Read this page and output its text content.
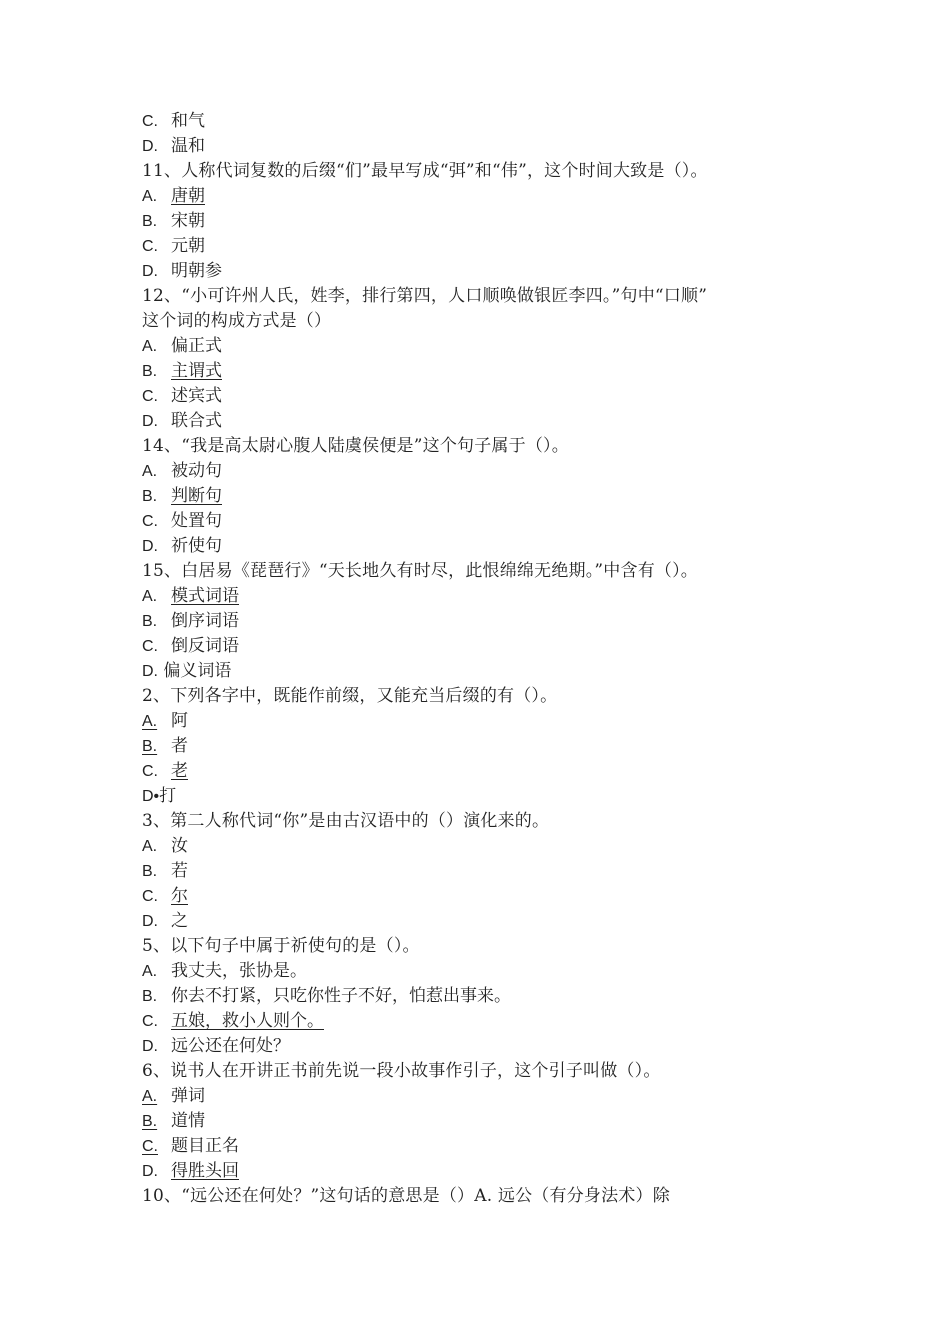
C. 和气
D. 温和
11、人称代词复数的后缀“们”最早写成“弭”和“伟”，这个时间大致是（）。
A. 唐朝
B. 宋朝
C. 元朝
D. 明朝参
12、“小可许州人氏，姓李，排行第四，人口顺唤做银匠李四。”句中“口顺”
这个词的构成方式是（）
A. 偏正式
B. 主谓式
C. 述宾式
D. 联合式
14、“我是高太尉心腹人陆虞侯便是”这个句子属于（）。
A. 被动句
B. 判断句
C. 处置句
D. 祈使句
15、白居易《琵琶行》“天长地久有时尽，此恨绵绵无绝期。”中含有（）。
A. 模式词语
B. 倒序词语
C. 倒反词语
D. 偏义词语
2、下列各字中，既能作前缀，又能充当后缀的有（）。
A. 阿
B. 者
C. 老
D•打
3、第二人称代词“你”是由古汉语中的（）演化来的。
A. 汝
B. 若
C. 尔
D. 之
5、以下句子中属于祈使句的是（）。
A. 我丈夫，张协是。
B. 你去不打紧，只吃你性子不好，怕惹出事来。
C. 五娘，救小人则个。
D. 远公还在何处？
6、说书人在开讲正书前先说一段小故事作引子，这个引子叫做（）。
A. 弹词
B. 道情
C. 题目正名
D. 得胜头回
10、“远公还在何处？”这句话的意思是（）A. 远公（有分身法术）除
